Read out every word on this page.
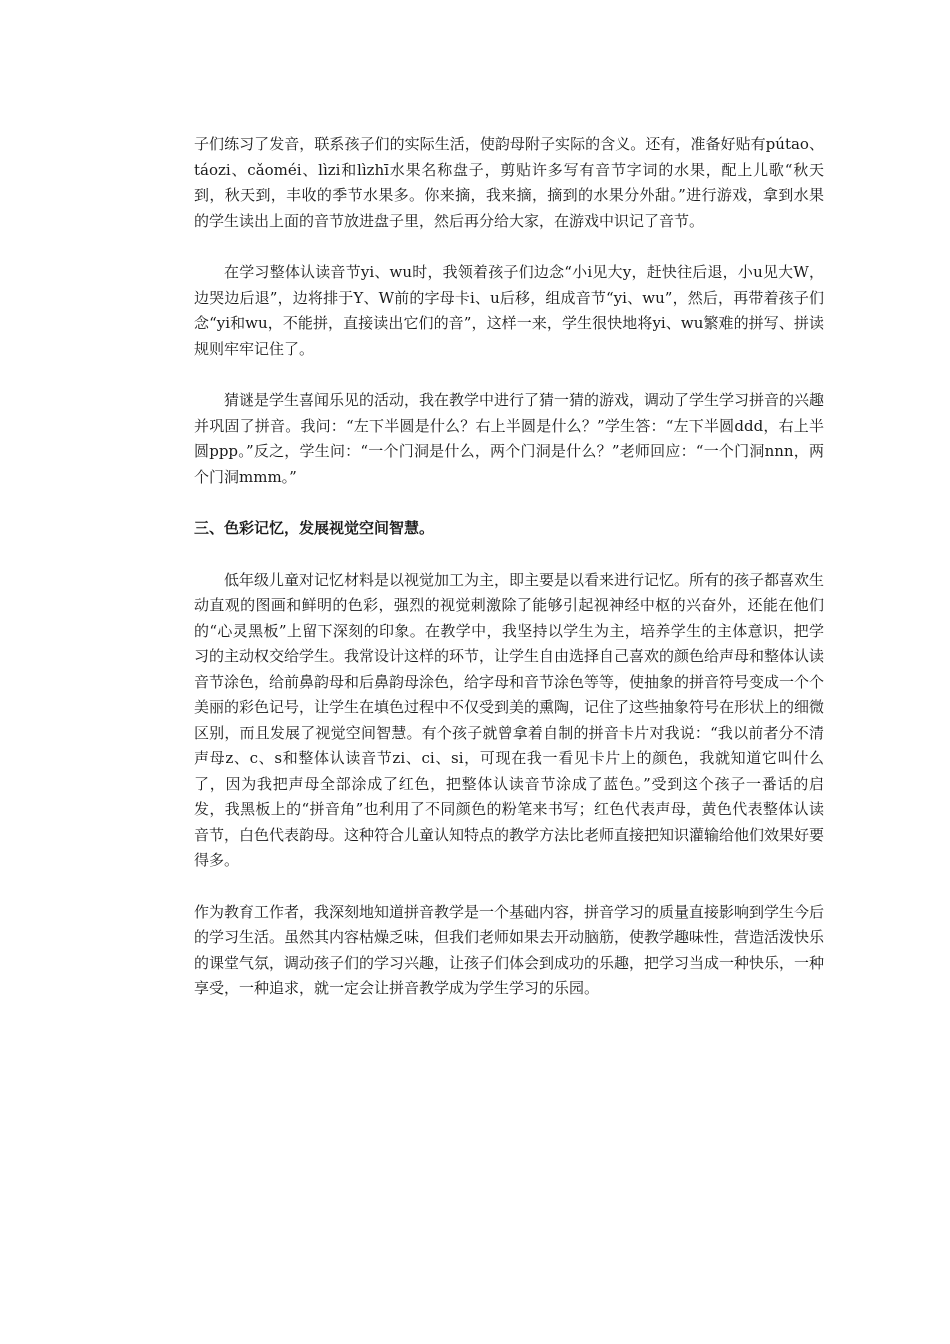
子们练习了发音，联系孩子们的实际生活，使韵母附子实际的含义。还有，准备好贴有pútao、táozi、cǎoméi、lìzi和lìzhī水果名称盘子，剪贴许多写有音节字词的水果，配上儿歌“秋天到，秋天到，丰收的季节水果多。你来摘，我来摘，摘到的水果分外甜。”进行游戏，拿到水果的学生读出上面的音节放进盘子里，然后再分给大家，在游戏中识记了音节。

在学习整体认读音节yi、wu时，我领着孩子们边念“小i见大y，赶快往后退，小u见大W，边哭边后退”，边将排于Y、W前的字母卡i、u后移，组成音节“yi、wu”，然后，再带着孩子们念“yi和wu，不能拼，直接读出它们的音”，这样一来，学生很快地将yi、wu繁难的拼写、拼读规则牢牢记住了。

猜谜是学生喜闻乐见的活动，我在教学中进行了猜一猜的游戏，调动了学生学习拼音的兴趣并巩固了拼音。我问：“左下半圆是什么？右上半圆是什么？”学生答：“左下半圆ddd，右上半圆ppp。”反之，学生问：“一个门洞是什么，两个门洞是什么？”老师回应：“一个门洞nnn，两个门洞mmm。”

三、色彩记忆，发展视觉空间智慧。

低年级儿童对记忆材料是以视觉加工为主，即主要是以看来进行记忆。所有的孩子都喜欢生动直观的图画和鲜明的色彩，强烈的视觉刺激除了能够引起视神经中枢的兴奋外，还能在他们的“心灵黑板”上留下深刻的印象。在教学中，我坚持以学生为主，培养学生的主体意识，把学习的主动权交给学生。我常设计这样的环节，让学生自由选择自己喜欢的颜色给声母和整体认读音节涂色，给前鼻韵母和后鼻韵母涂色，给字母和音节涂色等等，使抽象的拼音符号变成一个个美丽的彩色记号，让学生在填色过程中不仅受到美的熏陶，记住了这些抽象符号在形状上的细微区别，而且发展了视觉空间智慧。有个孩子就曾拿着自制的拼音卡片对我说：“我以前者分不清声母z、c、s和整体认读音节zi、ci、si，可现在我一看见卡片上的颜色，我就知道它叫什么了，因为我把声母全部涂成了红色，把整体认读音节涂成了蓝色。”受到这个孩子一番话的启发，我黑板上的“拼音角”也利用了不同颜色的粉笔来书写；红色代表声母，黄色代表整体认读音节，白色代表韵母。这种符合儿童认知特点的教学方法比老师直接把知识灌输给他们效果好要得多。

作为教育工作者，我深刻地知道拼音教学是一个基础内容，拼音学习的质量直接影响到学生今后的学习生活。虽然其内容枯燥乏味，但我们老师如果去开动脑筋，使教学趣味性，营造活泼快乐的课堂气氛，调动孩子们的学习兴趣，让孩子们体会到成功的乐趣，把学习当成一种快乐，一种享受，一种追求，就一定会让拼音教学成为学生学习的乐园。
